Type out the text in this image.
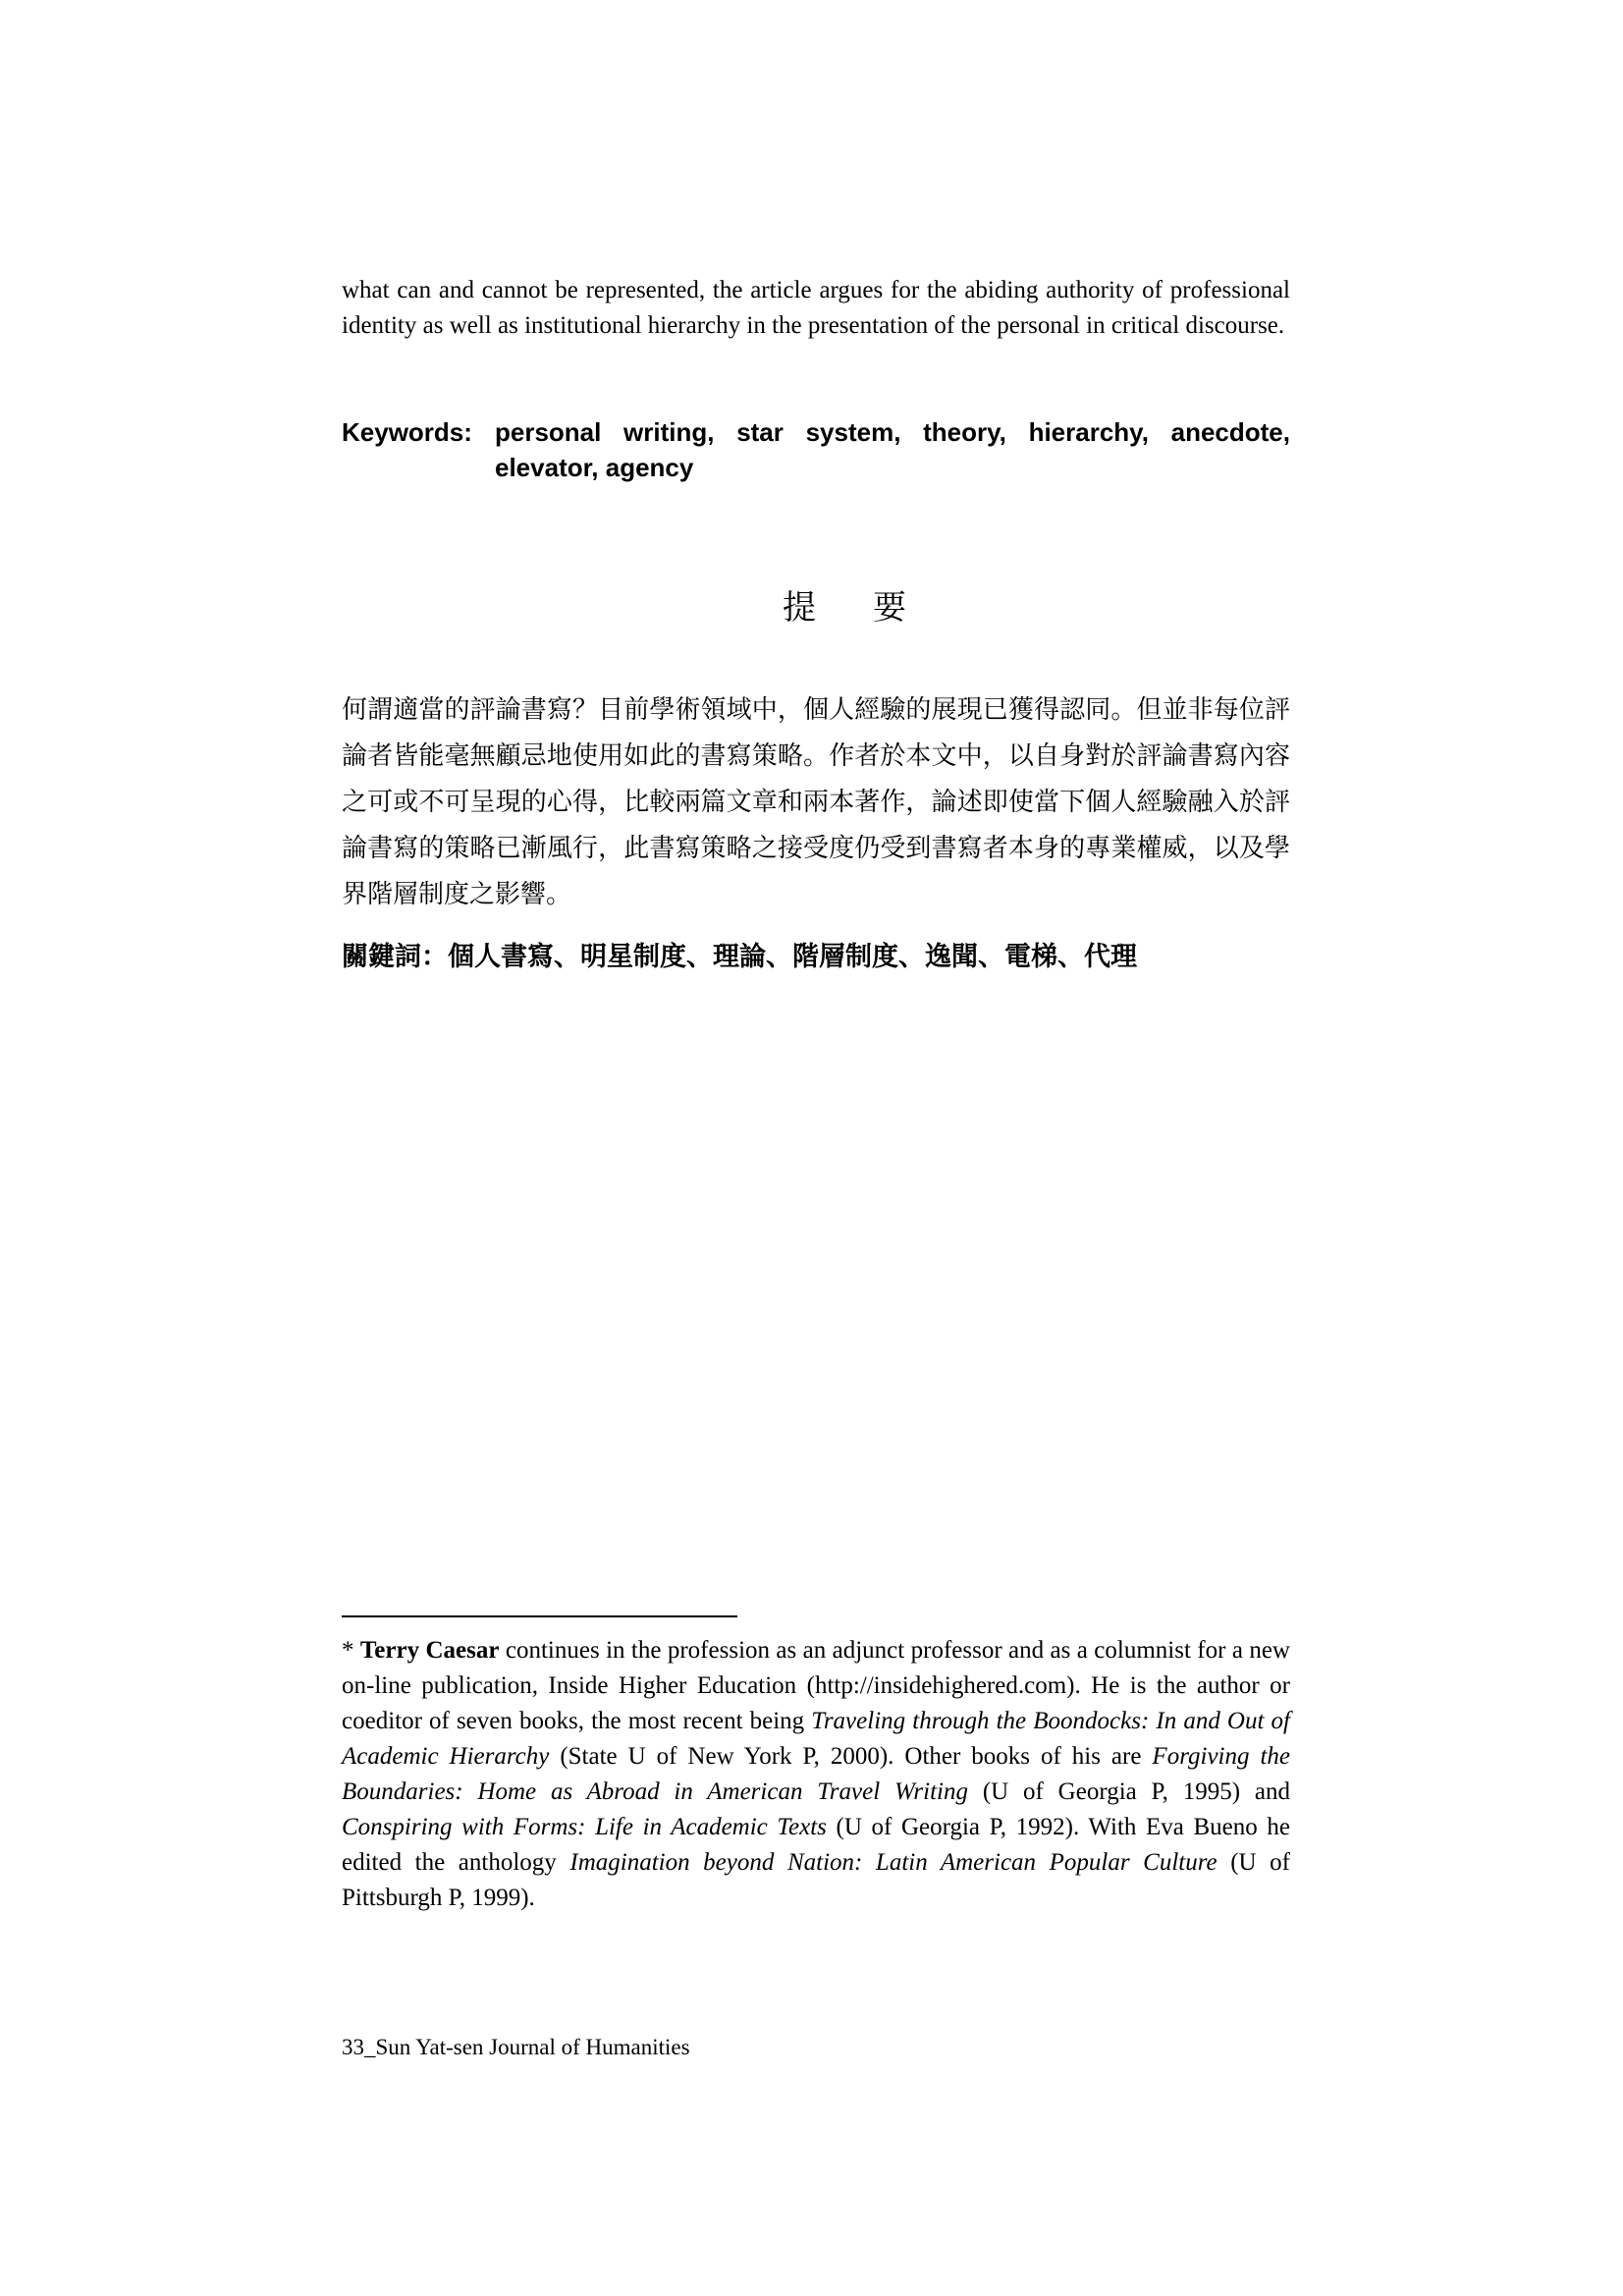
what can and cannot be represented, the article argues for the abiding authority of professional identity as well as institutional hierarchy in the presentation of the personal in critical discourse.

Keywords: personal writing, star system, theory, hierarchy, anecdote, elevator, agency
提要

何謂適當的評論書寫？目前學術領域中，個人經驗的展現已獲得認同。但並非每位評論者皆能毫無顧忌地使用如此的書寫策略。作者於本文中，以自身對於評論書寫內容之可或不可呈現的心得，比較兩篇文章和兩本著作，論述即使當下個人經驗融入於評論書寫的策略已漸風行，此書寫策略之接受度仍受到書寫者本身的專業權威，以及學界階層制度之影響。

關鍵詞：個人書寫、明星制度、理論、階層制度、逸聞、電梯、代理

* Terry Caesar continues in the profession as an adjunct professor and as a columnist for a new on-line publication, Inside Higher Education (http://insidehighered.com). He is the author or coeditor of seven books, the most recent being Traveling through the Boondocks: In and Out of Academic Hierarchy (State U of New York P, 2000). Other books of his are Forgiving the Boundaries: Home as Abroad in American Travel Writing (U of Georgia P, 1995) and Conspiring with Forms: Life in Academic Texts (U of Georgia P, 1992). With Eva Bueno he edited the anthology Imagination beyond Nation: Latin American Popular Culture (U of Pittsburgh P, 1999).

33_Sun Yat-sen Journal of Humanities
